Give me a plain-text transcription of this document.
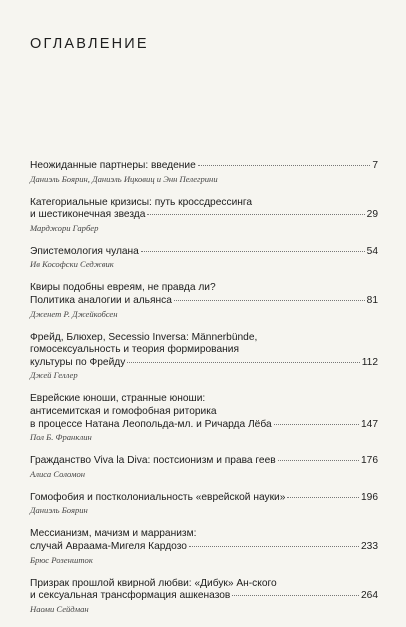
ОГЛАВЛЕНИЕ
Неожиданные партнеры: введение	7
Даниэль Боярин, Даниэль Ицковиц и Энн Пелегрини
Категориальные кризисы: путь кроссдрессинга
и шестиконечная звезда	29
Марджори Гарбер
Эпистемология чулана	54
Ив Кософски Седжвик
Квиры подобны евреям, не правда ли?
Политика аналогии и альянса	81
Дженет Р. Джейкобсен
Фрейд, Блюхер, Secessio Inversa: Männerbünde,
гомосексуальность и теория формирования
культуры по Фрейду	112
Джей Геллер
Еврейские юноши, странные юноши:
антисемитская и гомофобная риторика
в процессе Натана Леопольда-мл. и Ричарда Лёба	147
Пол Б. Франклин
Гражданство Viva la Diva: постсионизм и права геев	176
Алиса Соломон
Гомофобия и постколониальность «еврейской науки»	196
Даниэль Боярин
Мессианизм, мачизм и марранизм:
случай Авраама-Мигеля Кардозо	233
Брюс Розеншток
Призрак прошлой квирной любви: «Дибук» Ан-ского
и сексуальная трансформация ашкеназов	264
Наоми Сейдман
